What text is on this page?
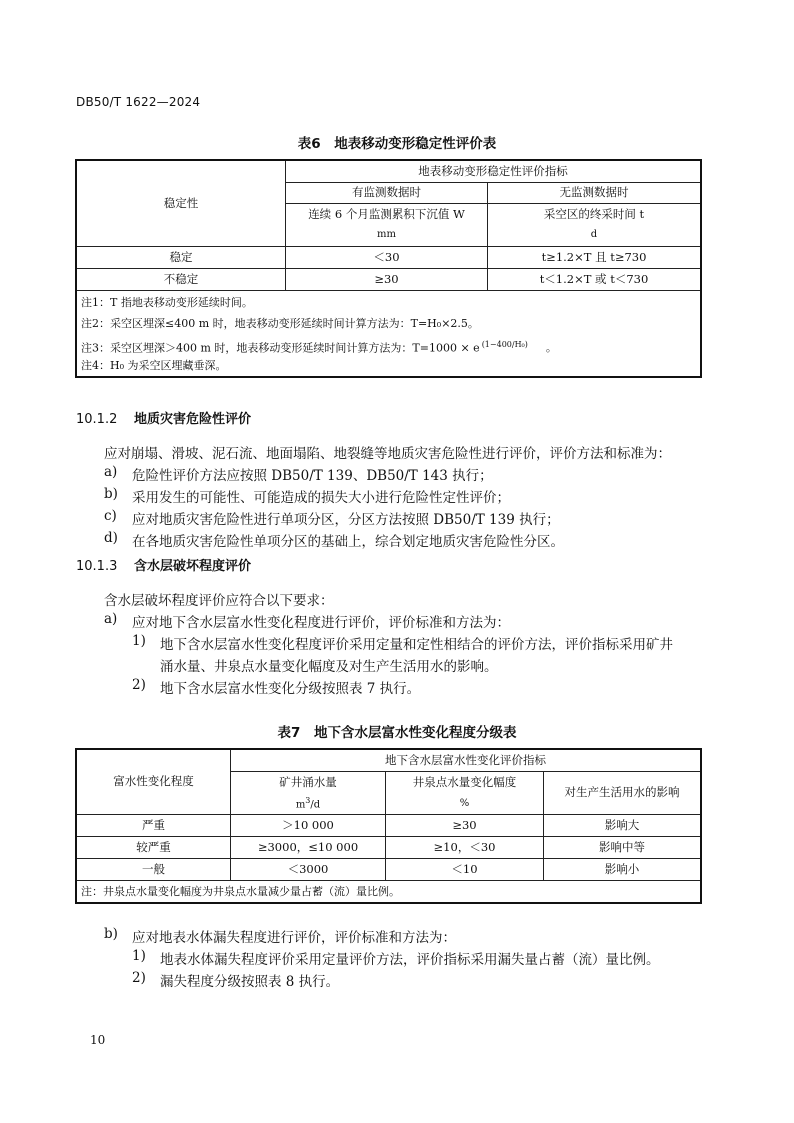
DB50/T 1622—2024
表6　地表移动变形稳定性评价表
稳定性	地表移动变形稳定性评价指标	
	有监测数据时	无监测数据时
	连续 6 个月监测累积下沉值 W	采空区的终采时间 t
	mm	d
稳定	＜30	t≥1.2×T 且 t≥730
不稳定	≥30	t＜1.2×T 或 t＜730

注1：T 指地表移动变形延续时间。
注2：采空区埋深≤400 m 时，地表移动变形延续时间计算方法为：T=H₀×2.5。
注3：采空区埋深＞400 m 时，地表移动变形延续时间计算方法为：T=1000 × e $^{(1-400/H_0)}$ 。
注4：H₀ 为采空区埋藏垂深。		
10.1.2 地质灾害危险性评价
应对崩塌、滑坡、泥石流、地面塌陷、地裂缝等地质灾害危险性进行评价，评价方法和标准为：
a) 危险性评价方法应按照 DB50/T 139、DB50/T 143 执行；
b) 采用发生的可能性、可能造成的损失大小进行危险性定性评价；
c) 应对地质灾害危险性进行单项分区，分区方法按照 DB50/T 139 执行；
d) 在各地质灾害危险性单项分区的基础上，综合划定地质灾害危险性分区。
10.1.3 含水层破坏程度评价
含水层破坏程度评价应符合以下要求：
a) 应对地下含水层富水性变化程度进行评价，评价标准和方法为：
1) 地下含水层富水性变化程度评价采用定量和定性相结合的评价方法，评价指标采用矿井
涌水量、井泉点水量变化幅度及对生产生活用水的影响。
2) 地下含水层富水性变化分级按照表 7 执行。
表7　地下含水层富水性变化程度分级表
富水性变化程度	地下含水层富水性变化评价指标		
	矿井涌水量	井泉点水量变化幅度	对生产生活用水的影响
	$m^3/d$	%	
严重	＞10 000	≥30	影响大
较严重	≥3000，≤10 000	≥10，＜30	影响中等
一般	＜3000	＜10	影响小
注：井泉点水量变化幅度为井泉点水量减少量占蓄（流）量比例。			
b) 应对地表水体漏失程度进行评价，评价标准和方法为：
1) 地表水体漏失程度评价采用定量评价方法，评价指标采用漏失量占蓄（流）量比例。
2) 漏失程度分级按照表 8 执行。
10
